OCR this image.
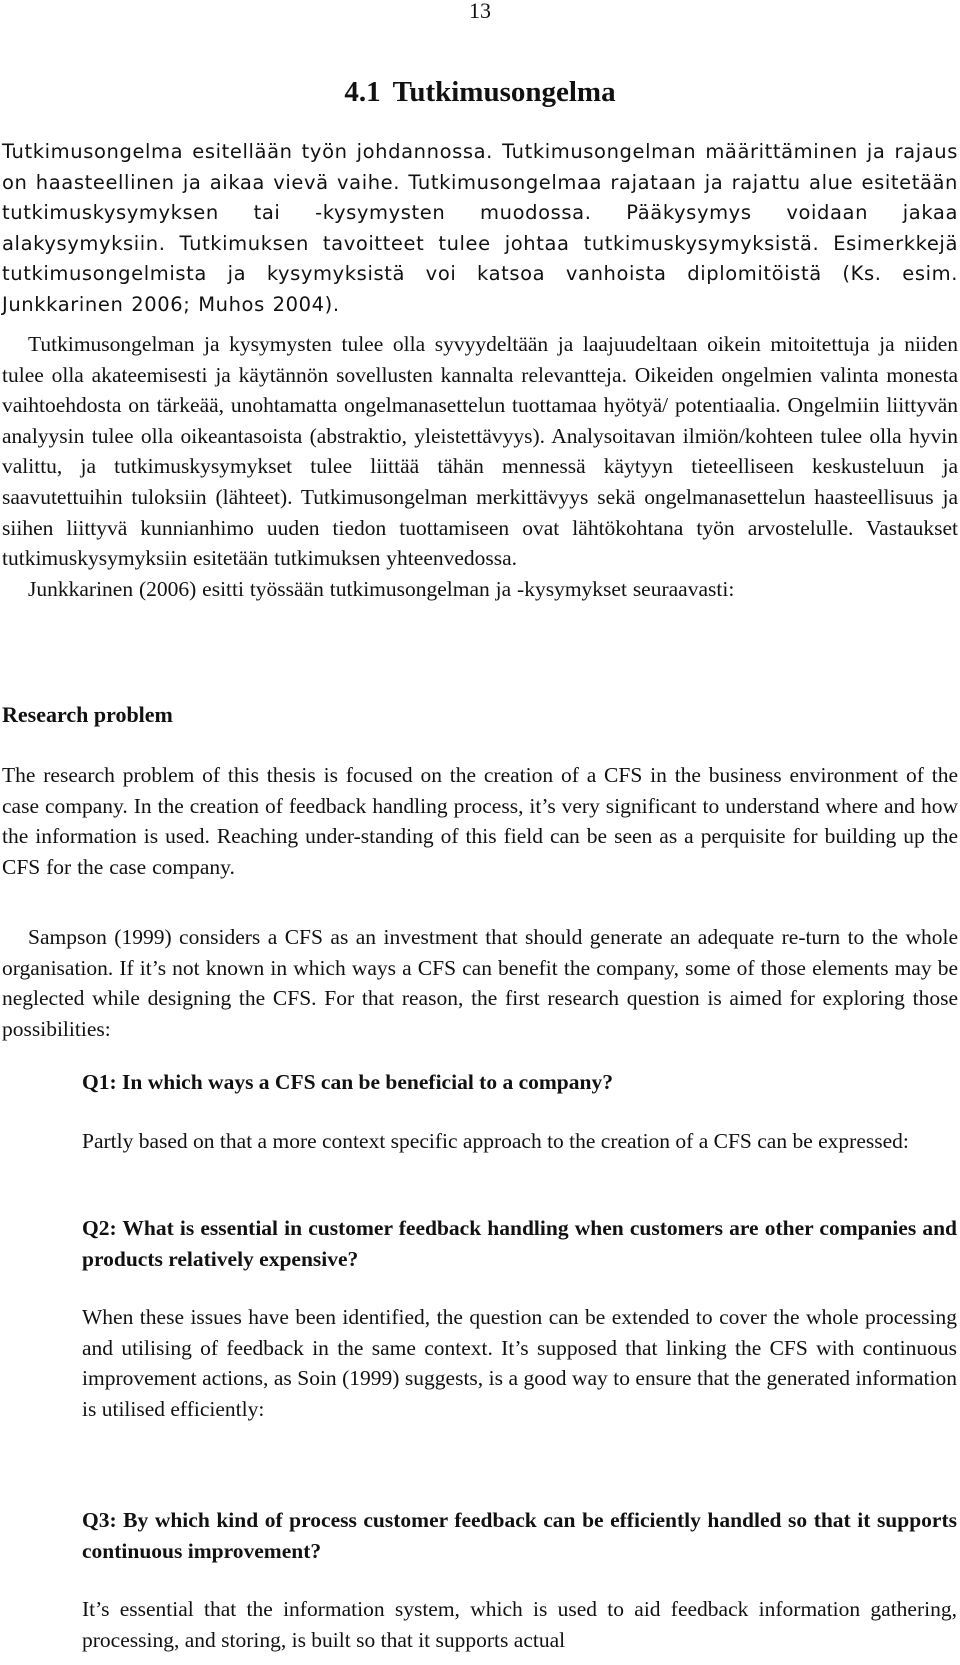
13
4.1 Tutkimusongelma

Tutkimusongelma esitellään työn johdannossa. Tutkimusongelman määrittäminen ja rajaus on haasteellinen ja aikaa vievä vaihe. Tutkimusongelmaa rajataan ja rajattu alue esitetään tutkimuskysymyksen tai -kysymysten muodossa. Pääkysymys voidaan jakaa alakysymyksiin. Tutkimuksen tavoitteet tulee johtaa tutkimuskysymyksistä. Esimerkkejä tutkimusongelmista ja kysymyksistä voi katsoa vanhoista diplomitöistä (Ks. esim. Junkkarinen 2006; Muhos 2004).

Tutkimusongelman ja kysymysten tulee olla syvyydeltään ja laajuudeltaan oikein mitoitettuja ja niiden tulee olla akateemisesti ja käytännön sovellusten kannalta relevantteja. Oikeiden ongelmien valinta monesta vaihtoehdosta on tärkeää, unohtamatta ongelmanasettelun tuottamaa hyötyä/ potentiaalia. Ongelmiin liittyvän analyysin tulee olla oikeantasoista (abstraktio, yleistettävyys). Analysoitavan ilmiön/kohteen tulee olla hyvin valittu, ja tutkimuskysymykset tulee liittää tähän mennessä käytyyn tieteelliseen keskusteluun ja saavutettuihin tuloksiin (lähteet). Tutkimusongelman merkittävyys sekä ongelmanasettelun haasteellisuus ja siihen liittyvä kunnianhimo uuden tiedon tuottamiseen ovat lähtökohtana työn arvostelulle. Vastaukset tutkimuskysymyksiin esitetään tutkimuksen yhteenvedossa.

Junkkarinen (2006) esitti työssään tutkimusongelman ja -kysymykset seuraavasti:

Research problem

The research problem of this thesis is focused on the creation of a CFS in the business environment of the case company. In the creation of feedback handling process, it’s very significant to understand where and how the information is used. Reaching under-standing of this field can be seen as a perquisite for building up the CFS for the case company.

Sampson (1999) considers a CFS as an investment that should generate an adequate re-turn to the whole organisation. If it’s not known in which ways a CFS can benefit the company, some of those elements may be neglected while designing the CFS. For that reason, the first research question is aimed for exploring those possibilities:

Q1: In which ways a CFS can be beneficial to a company?
Partly based on that a more context specific approach to the creation of a CFS can be expressed:
Q2: What is essential in customer feedback handling when customers are other companies and products relatively expensive?
When these issues have been identified, the question can be extended to cover the whole processing and utilising of feedback in the same context. It’s supposed that linking the CFS with continuous improvement actions, as Soin (1999) suggests, is a good way to ensure that the generated information is utilised efficiently:
Q3: By which kind of process customer feedback can be efficiently handled so that it supports continuous improvement?
It’s essential that the information system, which is used to aid feedback information gathering, processing, and storing, is built so that it supports actual
